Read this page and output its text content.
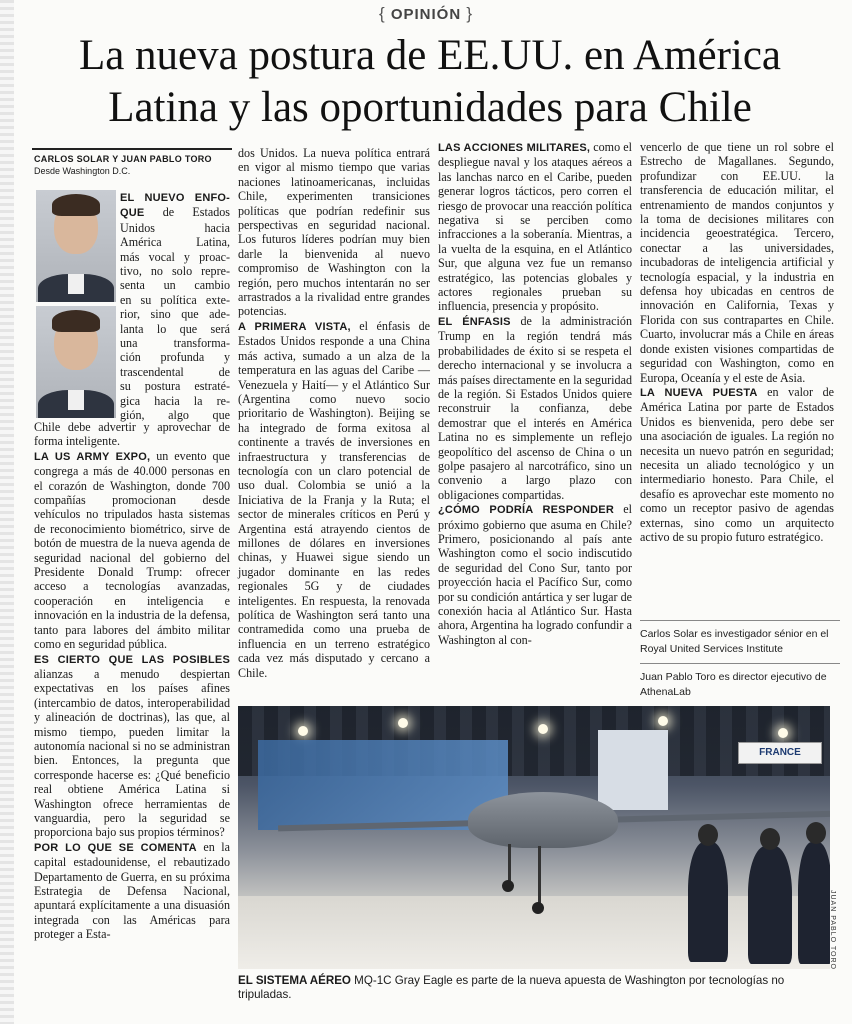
{ OPINIÓN }
La nueva postura de EE.UU. en América
Latina y las oportunidades para Chile
CARLOS SOLAR Y JUAN PABLO TORO
Desde Washington D.C.
EL NUEVO ENFO-
QUE de Estados
Unidos hacia
América Latina,
más vocal y proac-
tivo, no solo repre-
senta un cambio
en su política exte-
rior, sino que ade-
lanta lo que será
una transforma-
ción profunda y
trascendental de
su postura estraté-
gica hacia la re-
gión, algo que

Chile debe advertir y aprovechar de forma inteligente.

LA US ARMY EXPO, un evento que congrega a más de 40.000 personas en el corazón de Washington, donde 700 compañías promocionan desde vehículos no tripulados hasta sistemas de reconocimiento biométrico, sirve de botón de muestra de la nueva agenda de seguridad nacional del gobierno del Presidente Donald Trump: ofrecer acceso a tecnologías avanzadas, cooperación en inteligencia e innovación en la industria de la defensa, tanto para labores del ámbito militar como en seguridad pública.

ES CIERTO QUE LAS POSIBLES alianzas a menudo despiertan expectativas en los países afines (intercambio de datos, interoperabilidad y alineación de doctrinas), las que, al mismo tiempo, pueden limitar la autonomía nacional si no se administran bien. Entonces, la pregunta que corresponde hacerse es: ¿Qué beneficio real obtiene América Latina si Washington ofrece herramientas de vanguardia, pero la seguridad se proporciona bajo sus propios términos?

POR LO QUE SE COMENTA en la capital estadounidense, el rebautizado Departamento de Guerra, en su próxima Estrategia de Defensa Nacional, apuntará explícitamente a una disuasión integrada con las Américas para proteger a Esta-

dos Unidos. La nueva política entrará en vigor al mismo tiempo que varias naciones latinoamericanas, incluidas Chile, experimenten transiciones políticas que podrían redefinir sus perspectivas en seguridad nacional. Los futuros líderes podrían muy bien darle la bienvenida al nuevo compromiso de Washington con la región, pero muchos intentarán no ser arrastrados a la rivalidad entre grandes potencias.

A PRIMERA VISTA, el énfasis de Estados Unidos responde a una China más activa, sumado a un alza de la temperatura en las aguas del Caribe —Venezuela y Haití— y el Atlántico Sur (Argentina como nuevo socio prioritario de Washington). Beijing se ha integrado de forma exitosa al continente a través de inversiones en infraestructura y transferencias de tecnología con un claro potencial de uso dual. Colombia se unió a la Iniciativa de la Franja y la Ruta; el sector de minerales críticos en Perú y Argentina está atrayendo cientos de millones de dólares en inversiones chinas, y Huawei sigue siendo un jugador dominante en las redes regionales 5G y de ciudades inteligentes. En respuesta, la renovada política de Washington será tanto una contramedida como una prueba de influencia en un terreno estratégico cada vez más disputado y cercano a Chile.

LAS ACCIONES MILITARES, como el despliegue naval y los ataques aéreos a las lanchas narco en el Caribe, pueden generar logros tácticos, pero corren el riesgo de provocar una reacción política negativa si se perciben como infracciones a la soberanía. Mientras, a la vuelta de la esquina, en el Atlántico Sur, que alguna vez fue un remanso estratégico, las potencias globales y actores regionales prueban su influencia, presencia y propósito.

EL ÉNFASIS de la administración Trump en la región tendrá más probabilidades de éxito si se respeta el derecho internacional y se involucra a más países directamente en la seguridad de la región. Si Estados Unidos quiere reconstruir la confianza, debe demostrar que el interés en América Latina no es simplemente un reflejo geopolítico del ascenso de China o un golpe pasajero al narcotráfico, sino un convenio a largo plazo con obligaciones compartidas.

¿CÓMO PODRÍA RESPONDER el próximo gobierno que asuma en Chile? Primero, posicionando al país ante Washington como el socio indiscutido de seguridad del Cono Sur, tanto por proyección hacia el Pacífico Sur, como por su condición antártica y ser lugar de conexión hacia al Atlántico Sur. Hasta ahora, Argentina ha logrado confundir a Washington al con-

vencerlo de que tiene un rol sobre el Estrecho de Magallanes. Segundo, profundizar con EE.UU. la transferencia de educación militar, el entrenamiento de mandos conjuntos y la toma de decisiones militares con incidencia geoestratégica. Tercero, conectar a las universidades, incubadoras de inteligencia artificial y tecnología espacial, y la industria en defensa hoy ubicadas en centros de innovación en California, Texas y Florida con sus contrapartes en Chile. Cuarto, involucrar más a Chile en áreas donde existen visiones compartidas de seguridad con Washington, como en Europa, Oceanía y el este de Asia.

LA NUEVA PUESTA en valor de América Latina por parte de Estados Unidos es bienvenida, pero debe ser una asociación de iguales. La región no necesita un nuevo patrón en seguridad; necesita un aliado tecnológico y un intermediario honesto. Para Chile, el desafío es aprovechar este momento no como un receptor pasivo de agendas externas, sino como un arquitecto activo de su propio futuro estratégico.

Carlos Solar es investigador sénior en el Royal United Services Institute
Juan Pablo Toro es director ejecutivo de AthenaLab
FRANCE
JUAN PABLO TORO
EL SISTEMA AÉREO MQ-1C Gray Eagle es parte de la nueva apuesta de Washington por tecnologías no tripuladas.
